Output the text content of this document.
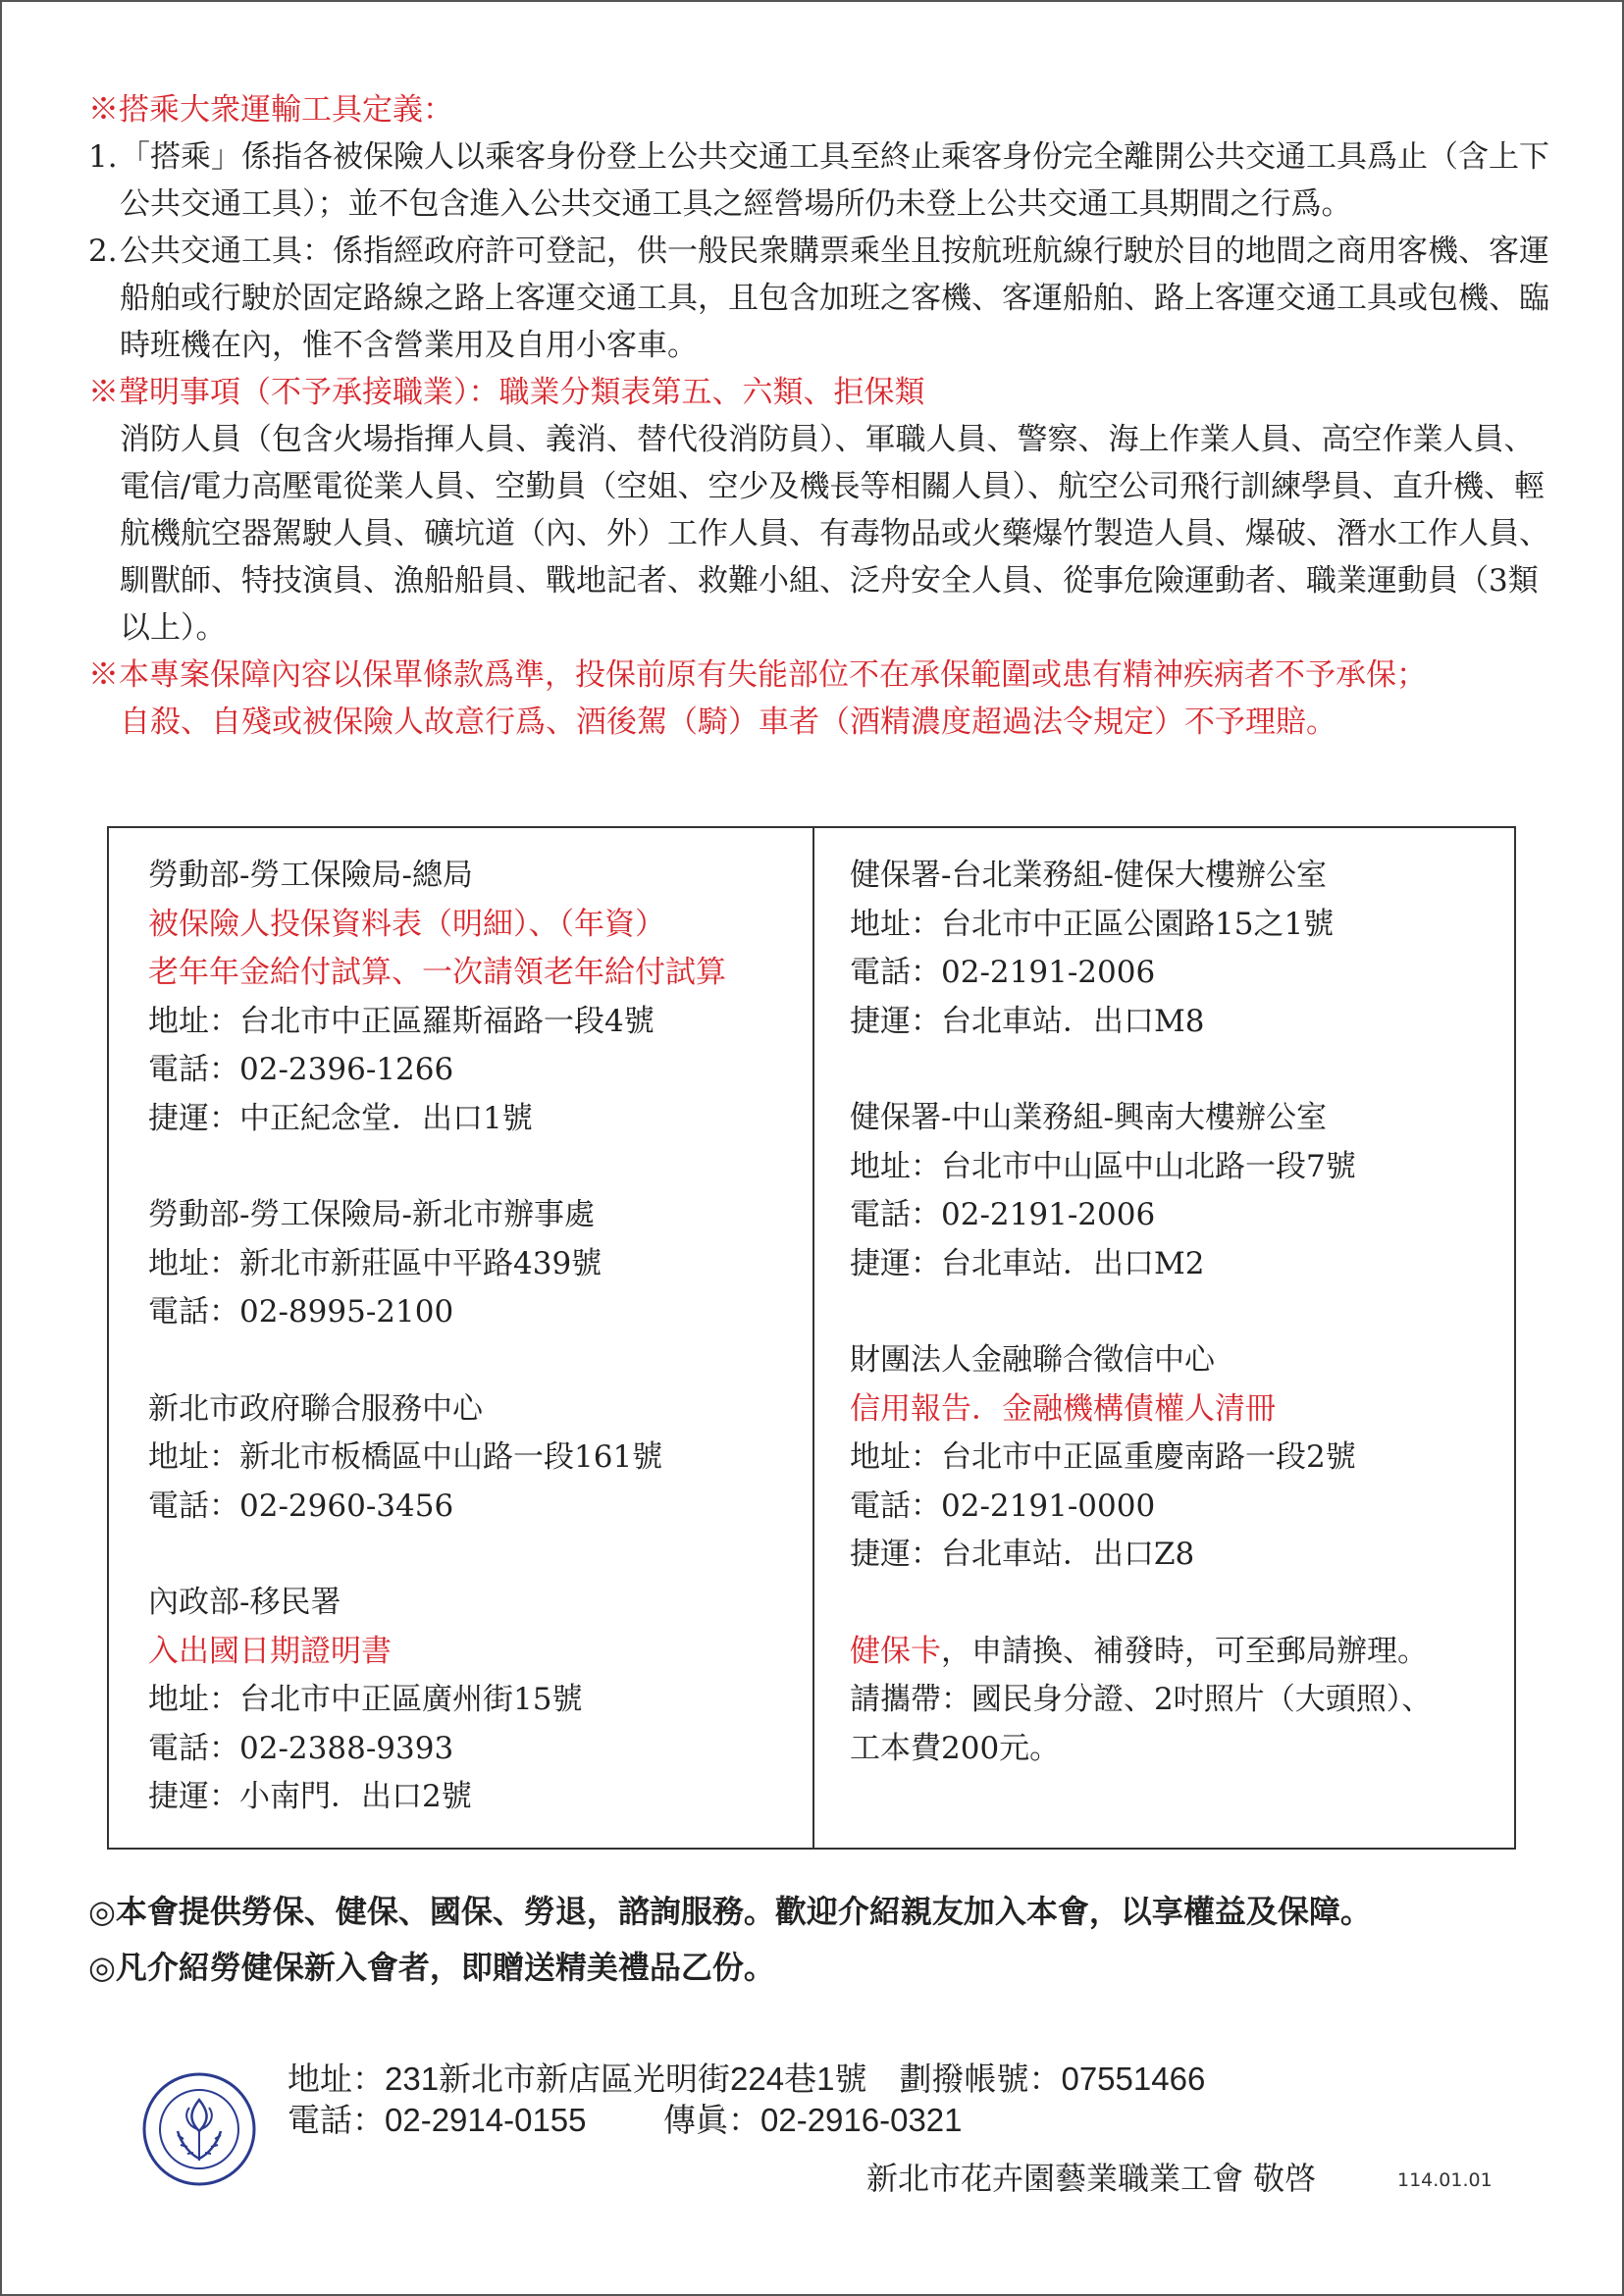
※搭乘大衆運輸工具定義：
1. 「搭乘」係指各被保險人以乘客身份登上公共交通工具至終止乘客身份完全離開公共交通工具爲止（含上下公共交通工具）；並不包含進入公共交通工具之經營場所仍未登上公共交通工具期間之行爲。
2. 公共交通工具：係指經政府許可登記，供一般民衆購票乘坐且按航班航線行駛於目的地間之商用客機、客運船舶或行駛於固定路線之路上客運交通工具，且包含加班之客機、客運船舶、路上客運交通工具或包機、臨時班機在內，惟不含營業用及自用小客車。
※聲明事項（不予承接職業）：職業分類表第五、六類、拒保類
消防人員（包含火場指揮人員、義消、替代役消防員）、軍職人員、警察、海上作業人員、高空作業人員、電信/電力高壓電從業人員、空勤員（空姐、空少及機長等相關人員）、航空公司飛行訓練學員、直升機、輕航機航空器駕駛人員、礦坑道（內、外）工作人員、有毒物品或火藥爆竹製造人員、爆破、潛水工作人員、馴獸師、特技演員、漁船船員、戰地記者、救難小組、泛舟安全人員、從事危險運動者、職業運動員（3類以上）。
※本專案保障內容以保單條款爲準，投保前原有失能部位不在承保範圍或患有精神疾病者不予承保；
自殺、自殘或被保險人故意行爲、酒後駕（騎）車者（酒精濃度超過法令規定）不予理賠。
勞動部-勞工保險局-總局
被保險人投保資料表（明細）、（年資）
老年年金給付試算、一次請領老年給付試算
地址：台北市中正區羅斯福路一段4號
電話：02-2396-1266
捷運：中正紀念堂．出口1號
勞動部-勞工保險局-新北市辦事處
地址：新北市新莊區中平路439號
電話：02-8995-2100
新北市政府聯合服務中心
地址：新北市板橋區中山路一段161號
電話：02-2960-3456
內政部-移民署
入出國日期證明書
地址：台北市中正區廣州街15號
電話：02-2388-9393
捷運：小南門．出口2號
健保署-台北業務組-健保大樓辦公室
地址：台北市中正區公園路15之1號
電話：02-2191-2006
捷運：台北車站．出口M8
健保署-中山業務組-興南大樓辦公室
地址：台北市中山區中山北路一段7號
電話：02-2191-2006
捷運：台北車站．出口M2
財團法人金融聯合徵信中心
信用報告．金融機構債權人清冊
地址：台北市中正區重慶南路一段2號
電話：02-2191-0000
捷運：台北車站．出口Z8
健保卡，申請換、補發時，可至郵局辦理。
請攜帶：國民身分證、2吋照片（大頭照）、
工本費200元。
◎本會提供勞保、健保、國保、勞退，諮詢服務。歡迎介紹親友加入本會，以享權益及保障。
◎凡介紹勞健保新入會者，即贈送精美禮品乙份。
地址：231新北市新店區光明街224巷1號　劃撥帳號：07551466
電話：02-2914-0155	傳眞：02-2916-0321
新北市花卉園藝業職業工會 敬啓	114.01.01
